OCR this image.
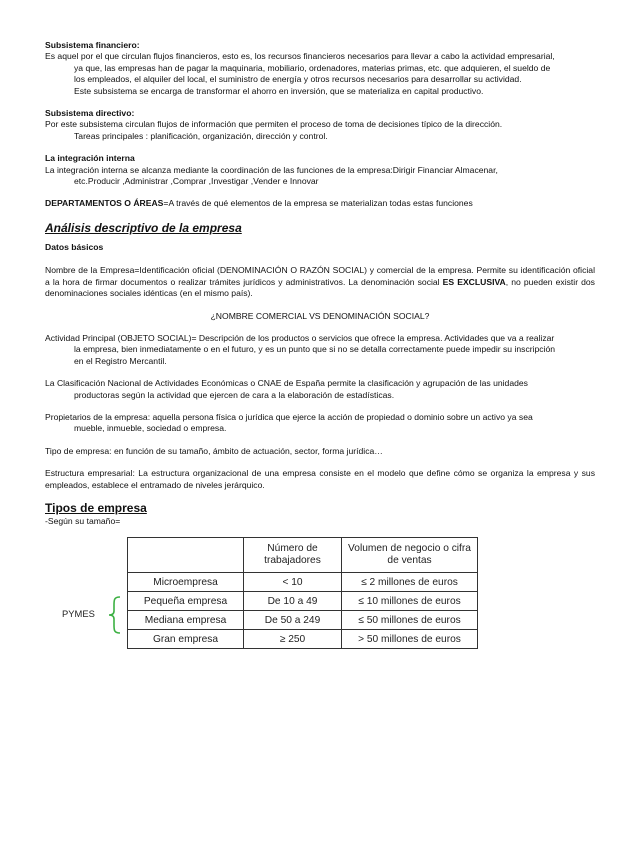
Subsistema financiero:

Es aquel por el que circulan flujos financieros, esto es, los recursos financieros necesarios para llevar a cabo la actividad empresarial,

ya que, las empresas han de pagar la maquinaria, mobiliario, ordenadores, materias primas, etc. que adquieren, el sueldo de

los empleados, el alquiler del local, el suministro de energía y otros recursos necesarios para desarrollar su actividad.

Este subsistema se encarga de transformar el ahorro en inversión, que se materializa en capital productivo.

Subsistema directivo:

Por este subsistema circulan flujos de información que permiten el proceso de toma de decisiones típico de la dirección.

Tareas principales : planificación, organización, dirección y control.

La integración interna

La integración interna se alcanza mediante la coordinación de las funciones de la empresa:Dirigir Financiar Almacenar,

etc.Producir ,Administrar ,Comprar ,Investigar ,Vender e Innovar

DEPARTAMENTOS O ÁREAS=A través de qué elementos de la empresa se materializan todas estas funciones

Análisis descriptivo de la empresa

Datos básicos

Nombre de la Empresa=Identificación oficial (DENOMINACIÓN O RAZÓN SOCIAL) y comercial de la empresa. Permite su identificación oficial a la hora de firmar documentos o realizar trámites jurídicos y administrativos. La denominación social ES EXCLUSIVA, no pueden existir dos denominaciones sociales idénticas (en el mismo país).

¿NOMBRE COMERCIAL VS DENOMINACIÓN SOCIAL?

Actividad Principal (OBJETO SOCIAL)= Descripción de los productos o servicios que ofrece la empresa. Actividades que va a realizar

la empresa, bien inmediatamente o en el futuro, y es un punto que si no se detalla correctamente puede impedir su inscripción

en el Registro Mercantil.

La Clasificación Nacional de Actividades Económicas o CNAE de España permite la clasificación y agrupación de las unidades

productoras según la actividad que ejercen de cara a la elaboración de estadísticas.

Propietarios de la empresa: aquella persona física o jurídica que ejerce la acción de propiedad o dominio sobre un activo ya sea

mueble, inmueble, sociedad o empresa.

Tipo de empresa: en función de su tamaño, ámbito de actuación, sector, forma jurídica…

Estructura empresarial: La estructura organizacional de una empresa consiste en el modelo que define cómo se organiza la empresa y sus empleados, establece el entramado de niveles jerárquico.

Tipos de empresa

-Según su tamaño=

	Número de trabajadores	Volumen de negocio o cifra de ventas
Microempresa	< 10	≤ 2 millones de euros
Pequeña empresa	De 10 a 49	≤ 10 millones de euros
Mediana empresa	De 50 a 249	≤ 50 millones de euros
Gran empresa	≥ 250	> 50 millones de euros
PYMES
